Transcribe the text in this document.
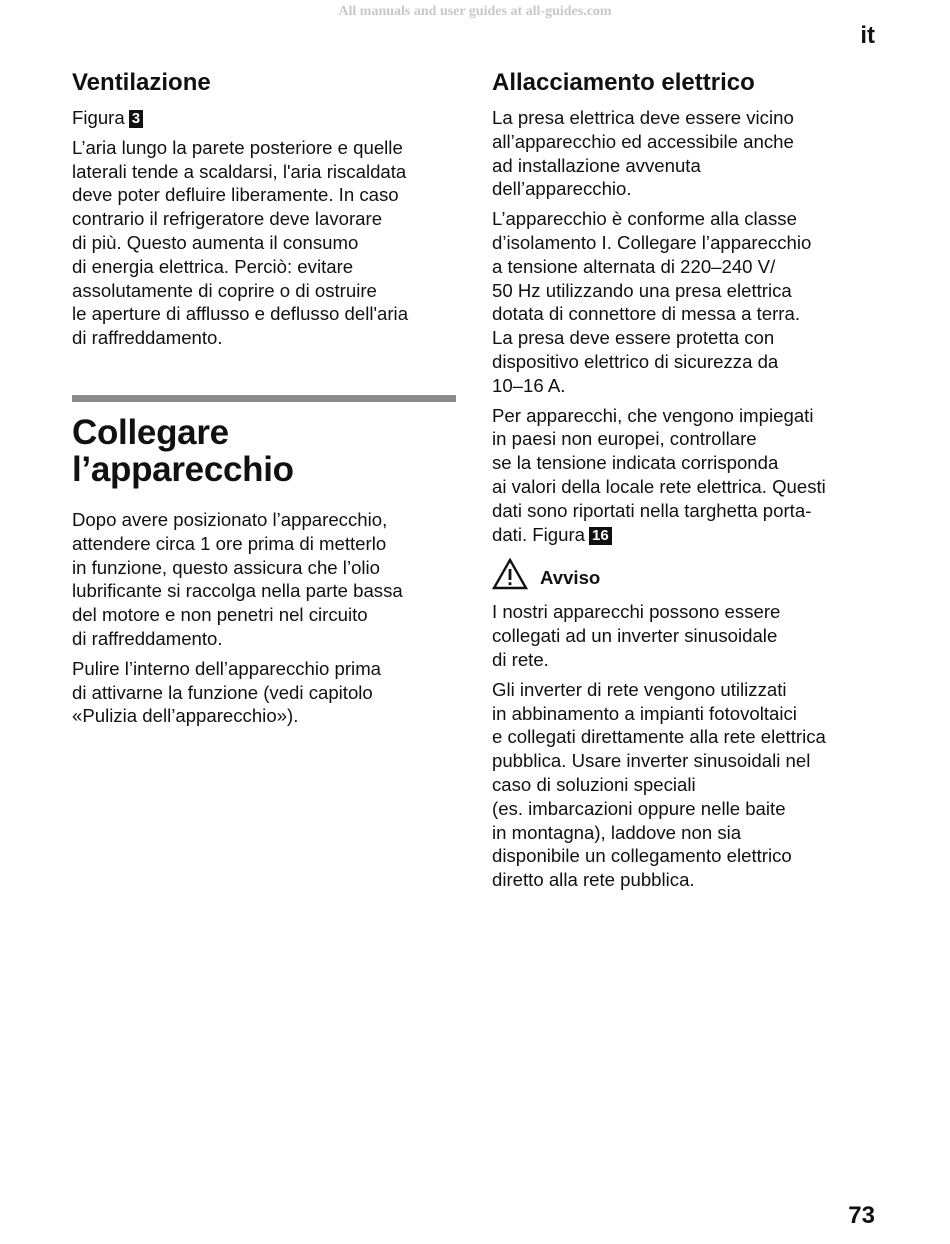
All manuals and user guides at all-guides.com
it
Ventilazione

Figura 3

L’aria lungo la parete posteriore e quelle
laterali tende a scaldarsi, l'aria riscaldata
deve poter defluire liberamente. In caso
contrario il refrigeratore deve lavorare
di più. Questo aumenta il consumo
di energia elettrica. Perciò: evitare
assolutamente di coprire o di ostruire
le aperture di afflusso e deflusso dell'aria
di raffreddamento.

Collegare
l’apparecchio

Dopo avere posizionato l’apparecchio,
attendere circa 1 ore prima di metterlo
in funzione, questo assicura che l’olio
lubrificante si raccolga nella parte bassa
del motore e non penetri nel circuito
di raffreddamento.

Pulire l’interno dell’apparecchio prima
di attivarne la funzione (vedi capitolo
«Pulizia dell’apparecchio»).

Allacciamento elettrico

La presa elettrica deve essere vicino
all’apparecchio ed accessibile anche
ad installazione avvenuta
dell’apparecchio.

L’apparecchio è conforme alla classe
d’isolamento I. Collegare l’apparecchio
a tensione alternata di 220–240 V/
50 Hz utilizzando una presa elettrica
dotata di connettore di messa a terra.
La presa deve essere protetta con
dispositivo elettrico di sicurezza da
10–16 A.

Per apparecchi, che vengono impiegati
in paesi non europei, controllare
se la tensione indicata corrisponda
ai valori della locale rete elettrica. Questi
dati sono riportati nella targhetta porta-
dati. Figura 16

Avviso

I nostri apparecchi possono essere
collegati ad un inverter sinusoidale
di rete.

Gli inverter di rete vengono utilizzati
in abbinamento a impianti fotovoltaici
e collegati direttamente alla rete elettrica
pubblica. Usare inverter sinusoidali nel
caso di soluzioni speciali
(es. imbarcazioni oppure nelle baite
in montagna), laddove non sia
disponibile un collegamento elettrico
diretto alla rete pubblica.

73
